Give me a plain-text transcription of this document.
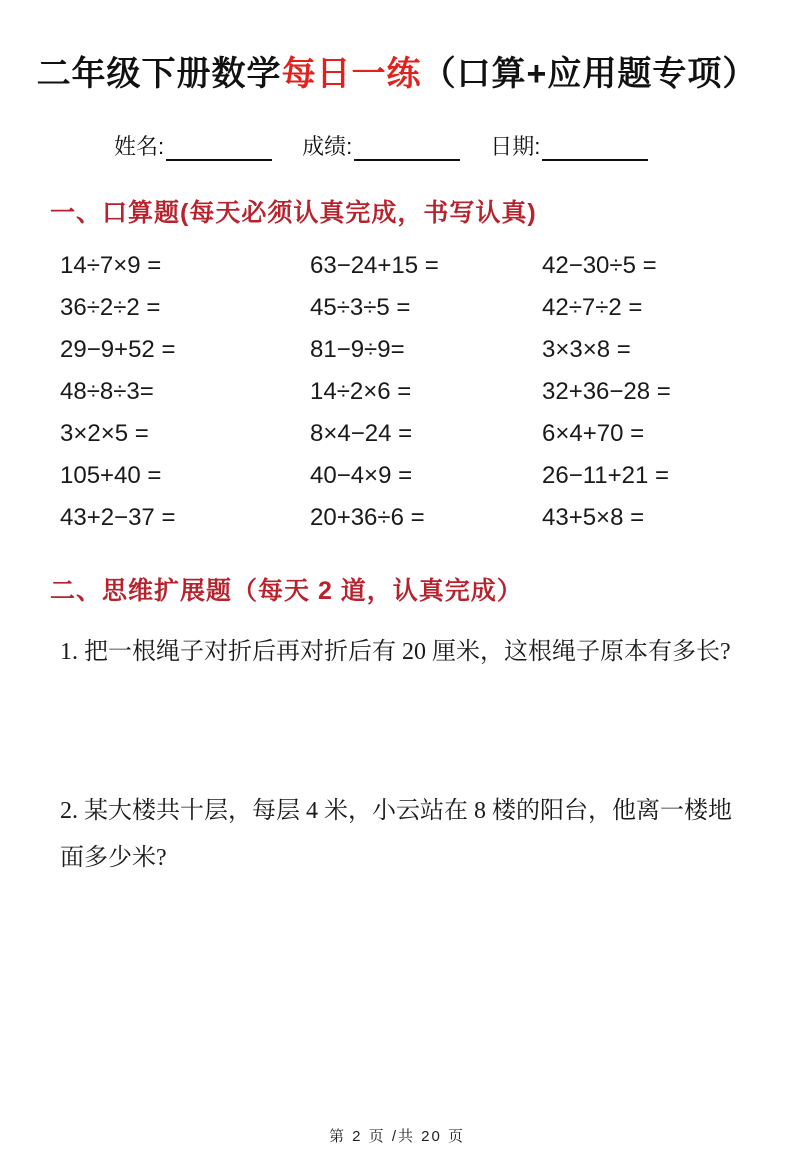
二年级下册数学每日一练（口算+应用题专项）
姓名:	成绩:	日期:
一、口算题(每天必须认真完成，书写认真)
14÷7×9 =	63−24+15 =	42−30÷5 =
36÷2÷2 =	45÷3÷5 =	42÷7÷2 =
29−9+52 =	81−9÷9=	3×3×8 =
48÷8÷3=	14÷2×6 =	32+36−28 =
3×2×5 =	8×4−24 =	6×4+70 =
105+40 =	40−4×9 =	26−11+21 =
43+2−37 =	20+36÷6 =	43+5×8 =
二、思维扩展题（每天 2 道，认真完成）

1. 把一根绳子对折后再对折后有 20 厘米，这根绳子原本有多长?

2. 某大楼共十层，每层 4 米，小云站在 8 楼的阳台，他离一楼地面多少米?

第 2 页 /共 20 页
